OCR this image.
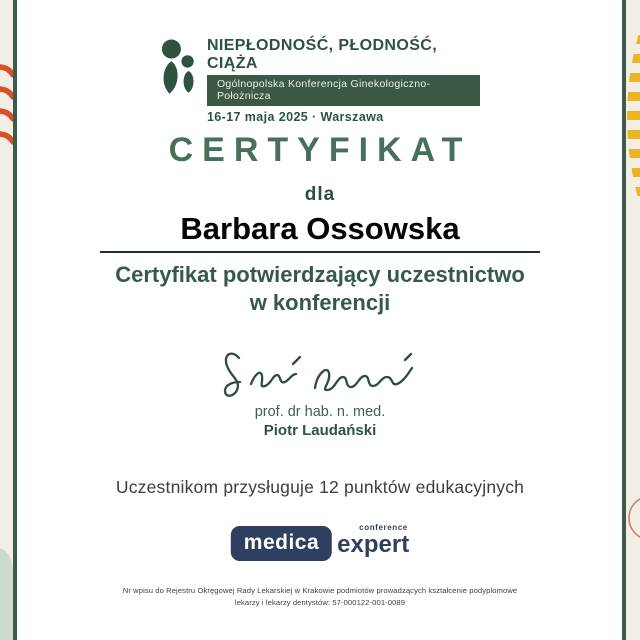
NIEPŁODNOŚĆ, PŁODNOŚĆ, CIĄŻA
Ogólnopolska Konferencja Ginekologiczno-Położnicza
16-17 maja 2025 · Warszawa
CERTYFIKAT
dla
Barbara Ossowska
Certyfikat potwierdzający uczestnictwo
w konferencji
prof. dr hab. n. med.
Piotr Laudański
Uczestnikom przysługuje 12 punktów edukacyjnych
medica
conference
expert
Nr wpisu do Rejestru Okręgowej Rady Lekarskiej w Krakowie podmiotów prowadzących kształcenie podyplomowe
lekarzy i lekarzy dentystów: 57-000122-001-0089
